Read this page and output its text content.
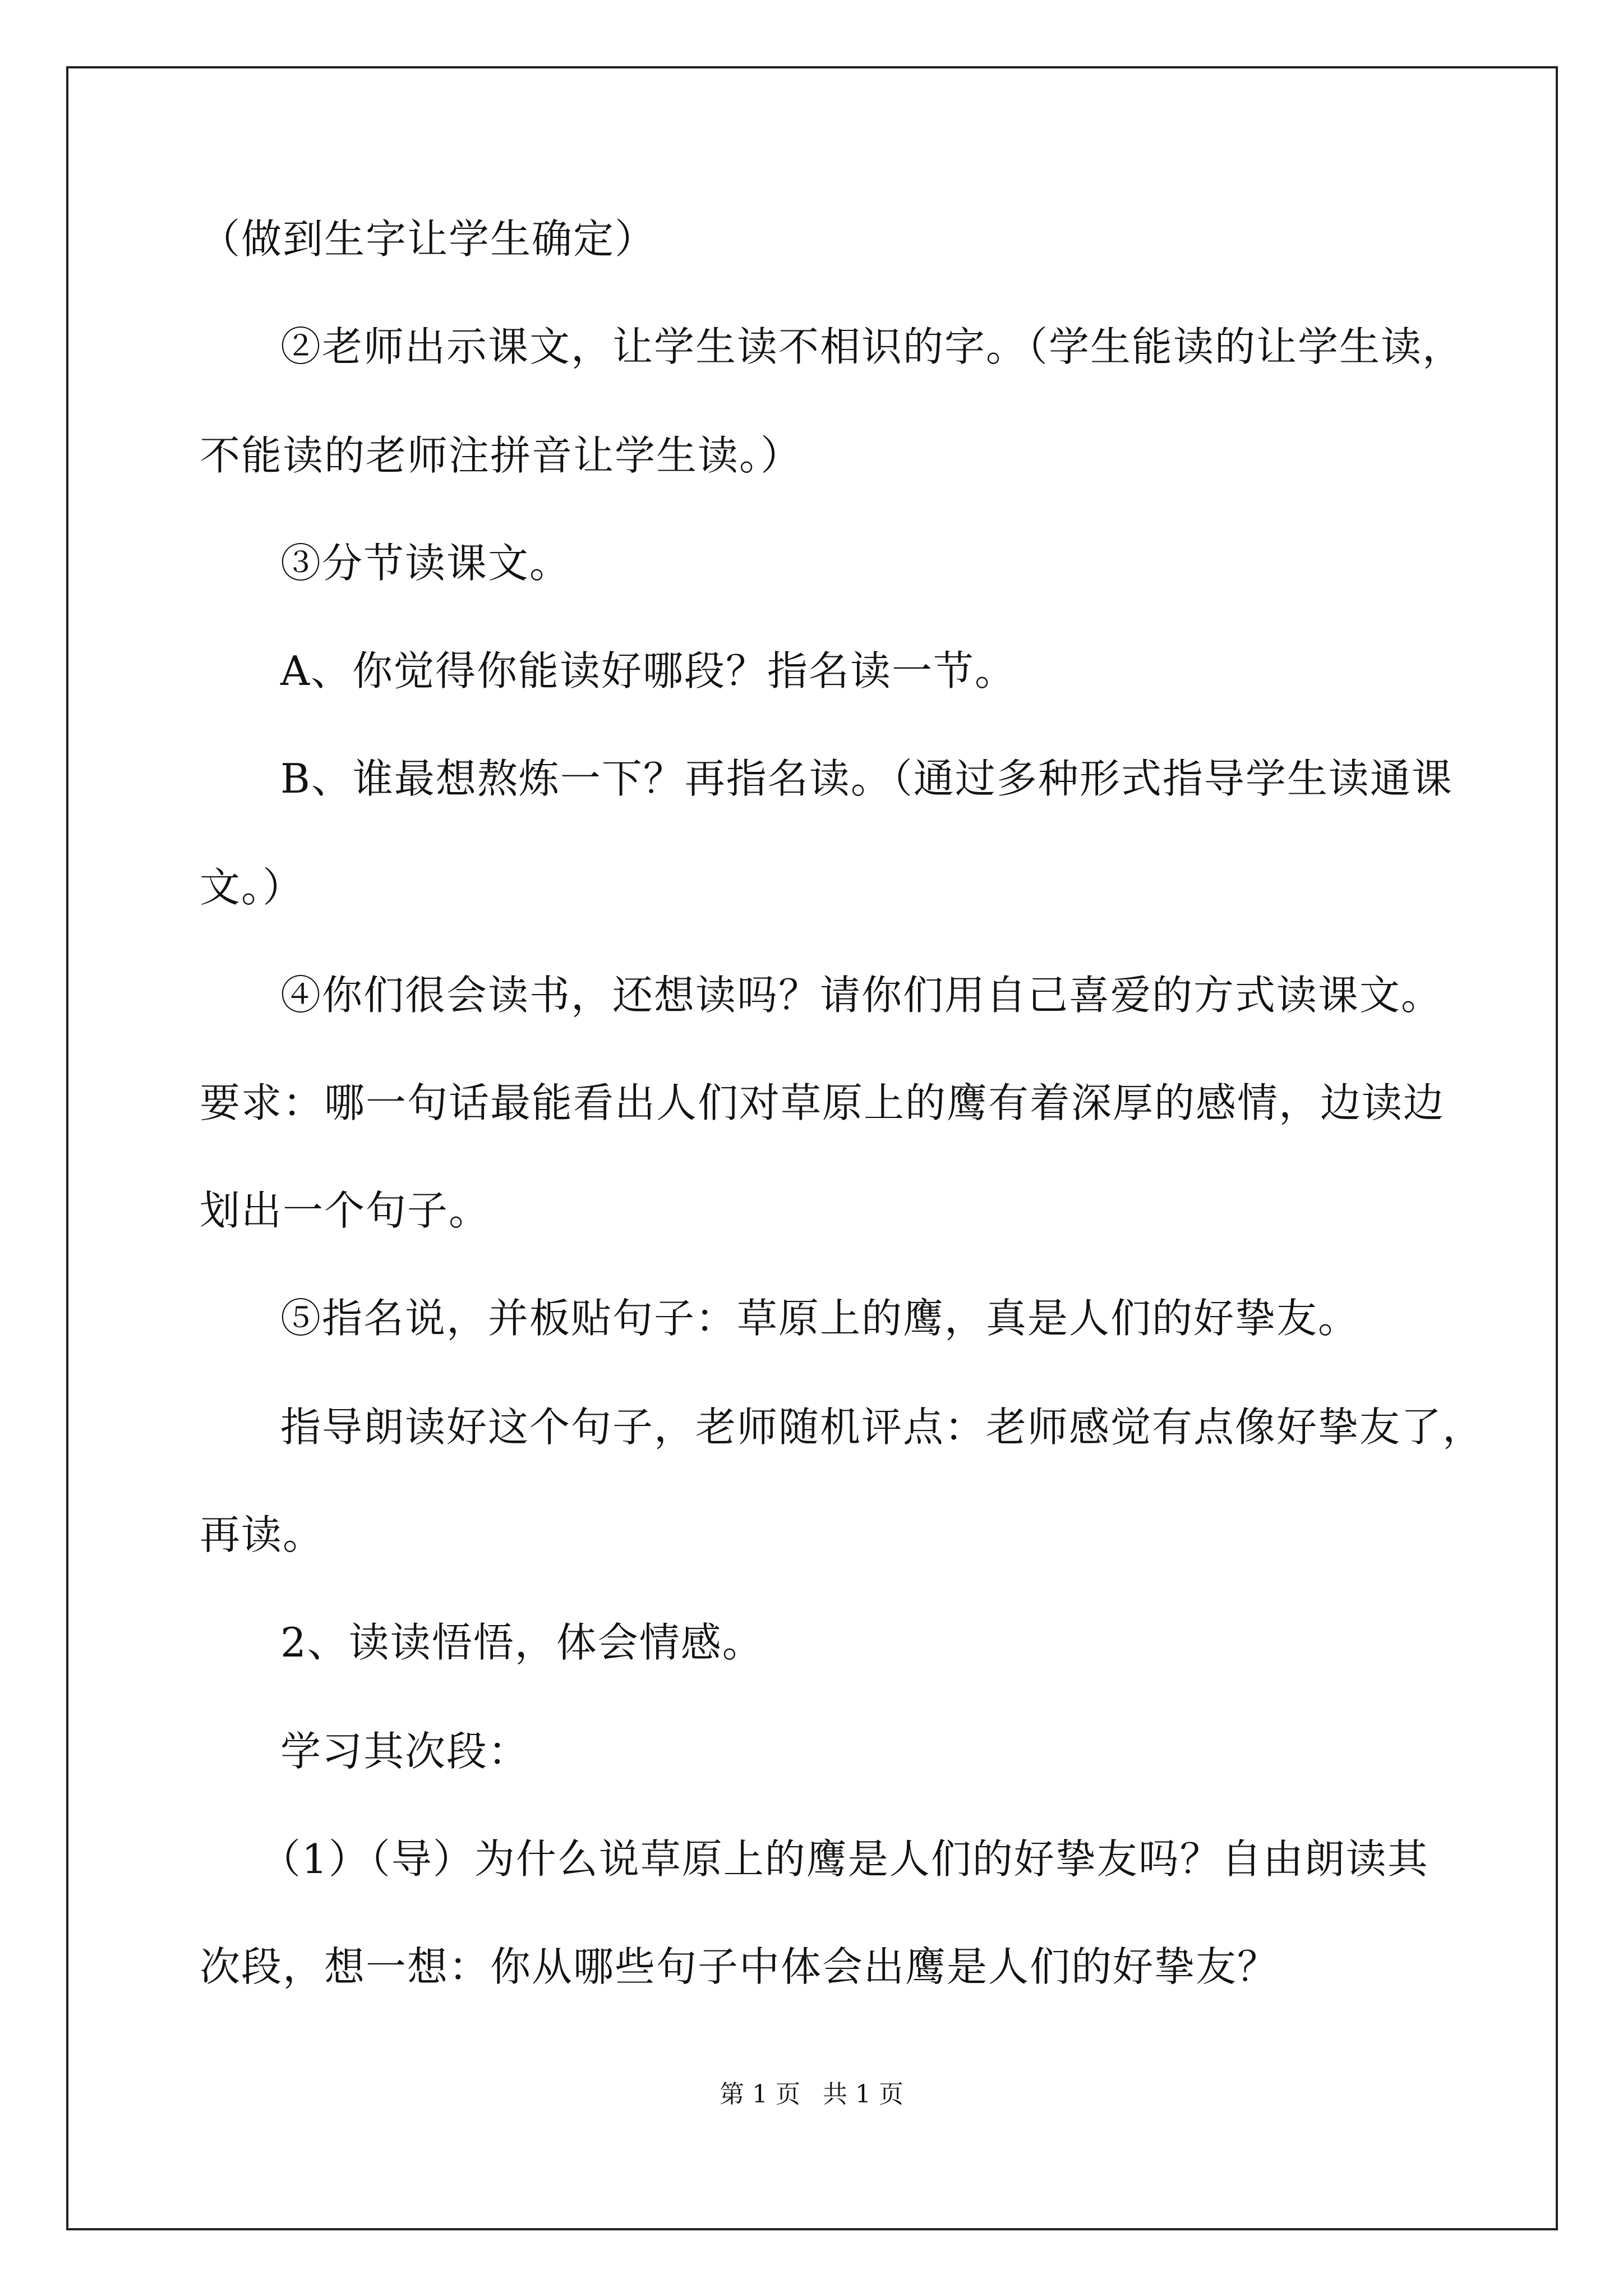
（做到生字让学生确定）
②老师出示课文，让学生读不相识的字。（学生能读的让学生读，
不能读的老师注拼音让学生读。）
③分节读课文。
A、你觉得你能读好哪段？指名读一节。
B、谁最想熬炼一下？再指名读。（通过多种形式指导学生读通课
文。）
④你们很会读书，还想读吗？请你们用自己喜爱的方式读课文。
要求：哪一句话最能看出人们对草原上的鹰有着深厚的感情，边读边
划出一个句子。
⑤指名说，并板贴句子：草原上的鹰，真是人们的好挚友。
指导朗读好这个句子，老师随机评点：老师感觉有点像好挚友了，
再读。
2、读读悟悟，体会情感。
学习其次段：
（1）（导）为什么说草原上的鹰是人们的好挚友吗？自由朗读其
次段，想一想：你从哪些句子中体会出鹰是人们的好挚友？
第 1 页 共 1 页
